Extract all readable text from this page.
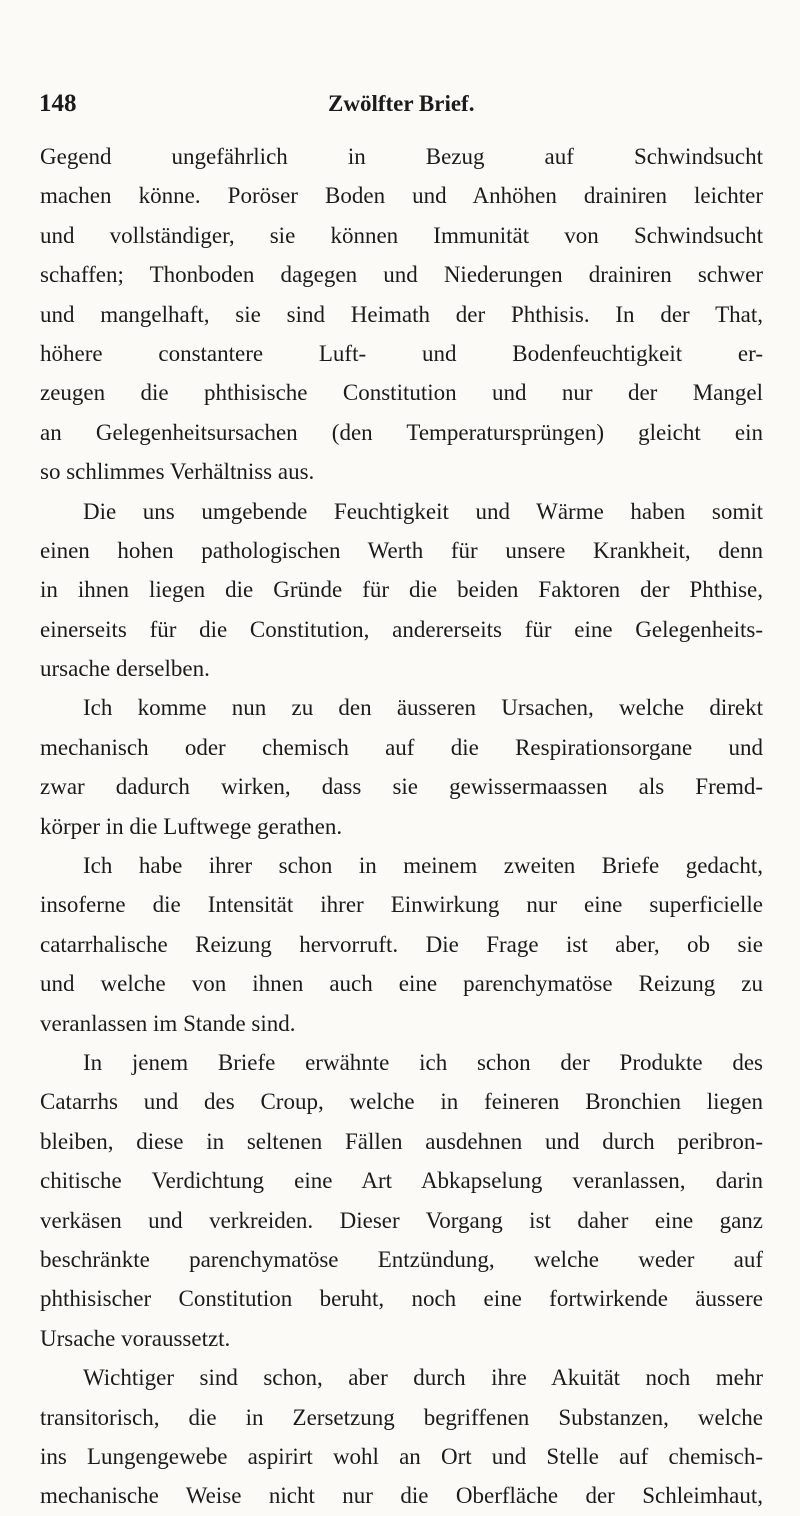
148	Zwölfter Brief.
Gegend ungefährlich in Bezug auf Schwindsucht
machen könne. Poröser Boden und Anhöhen drainiren leichter
und vollständiger, sie können Immunität von Schwindsucht
schaffen; Thonboden dagegen und Niederungen drainiren schwer
und mangelhaft, sie sind Heimath der Phthisis. In der That,
höhere constantere Luft- und Bodenfeuchtigkeit er-
zeugen die phthisische Constitution und nur der Mangel
an Gelegenheitsursachen (den Temperatursprüngen) gleicht ein
so schlimmes Verhältniss aus.
Die uns umgebende Feuchtigkeit und Wärme haben somit
einen hohen pathologischen Werth für unsere Krankheit, denn
in ihnen liegen die Gründe für die beiden Faktoren der Phthise,
einerseits für die Constitution, andererseits für eine Gelegenheits-
ursache derselben.
Ich komme nun zu den äusseren Ursachen, welche direkt
mechanisch oder chemisch auf die Respirationsorgane und
zwar dadurch wirken, dass sie gewissermaassen als Fremd-
körper in die Luftwege gerathen.
Ich habe ihrer schon in meinem zweiten Briefe gedacht,
insoferne die Intensität ihrer Einwirkung nur eine superficielle
catarrhalische Reizung hervorruft. Die Frage ist aber, ob sie
und welche von ihnen auch eine parenchymatöse Reizung zu
veranlassen im Stande sind.
In jenem Briefe erwähnte ich schon der Produkte des
Catarrhs und des Croup, welche in feineren Bronchien liegen
bleiben, diese in seltenen Fällen ausdehnen und durch peribron-
chitische Verdichtung eine Art Abkapselung veranlassen, darin
verkäsen und verkreiden. Dieser Vorgang ist daher eine ganz
beschränkte parenchymatöse Entzündung, welche weder auf
phthisischer Constitution beruht, noch eine fortwirkende äussere
Ursache voraussetzt.
Wichtiger sind schon, aber durch ihre Akuität noch mehr
transitorisch, die in Zersetzung begriffenen Substanzen, welche
ins Lungengewebe aspirirt wohl an Ort und Stelle auf chemisch-
mechanische Weise nicht nur die Oberfläche der Schleimhaut,
